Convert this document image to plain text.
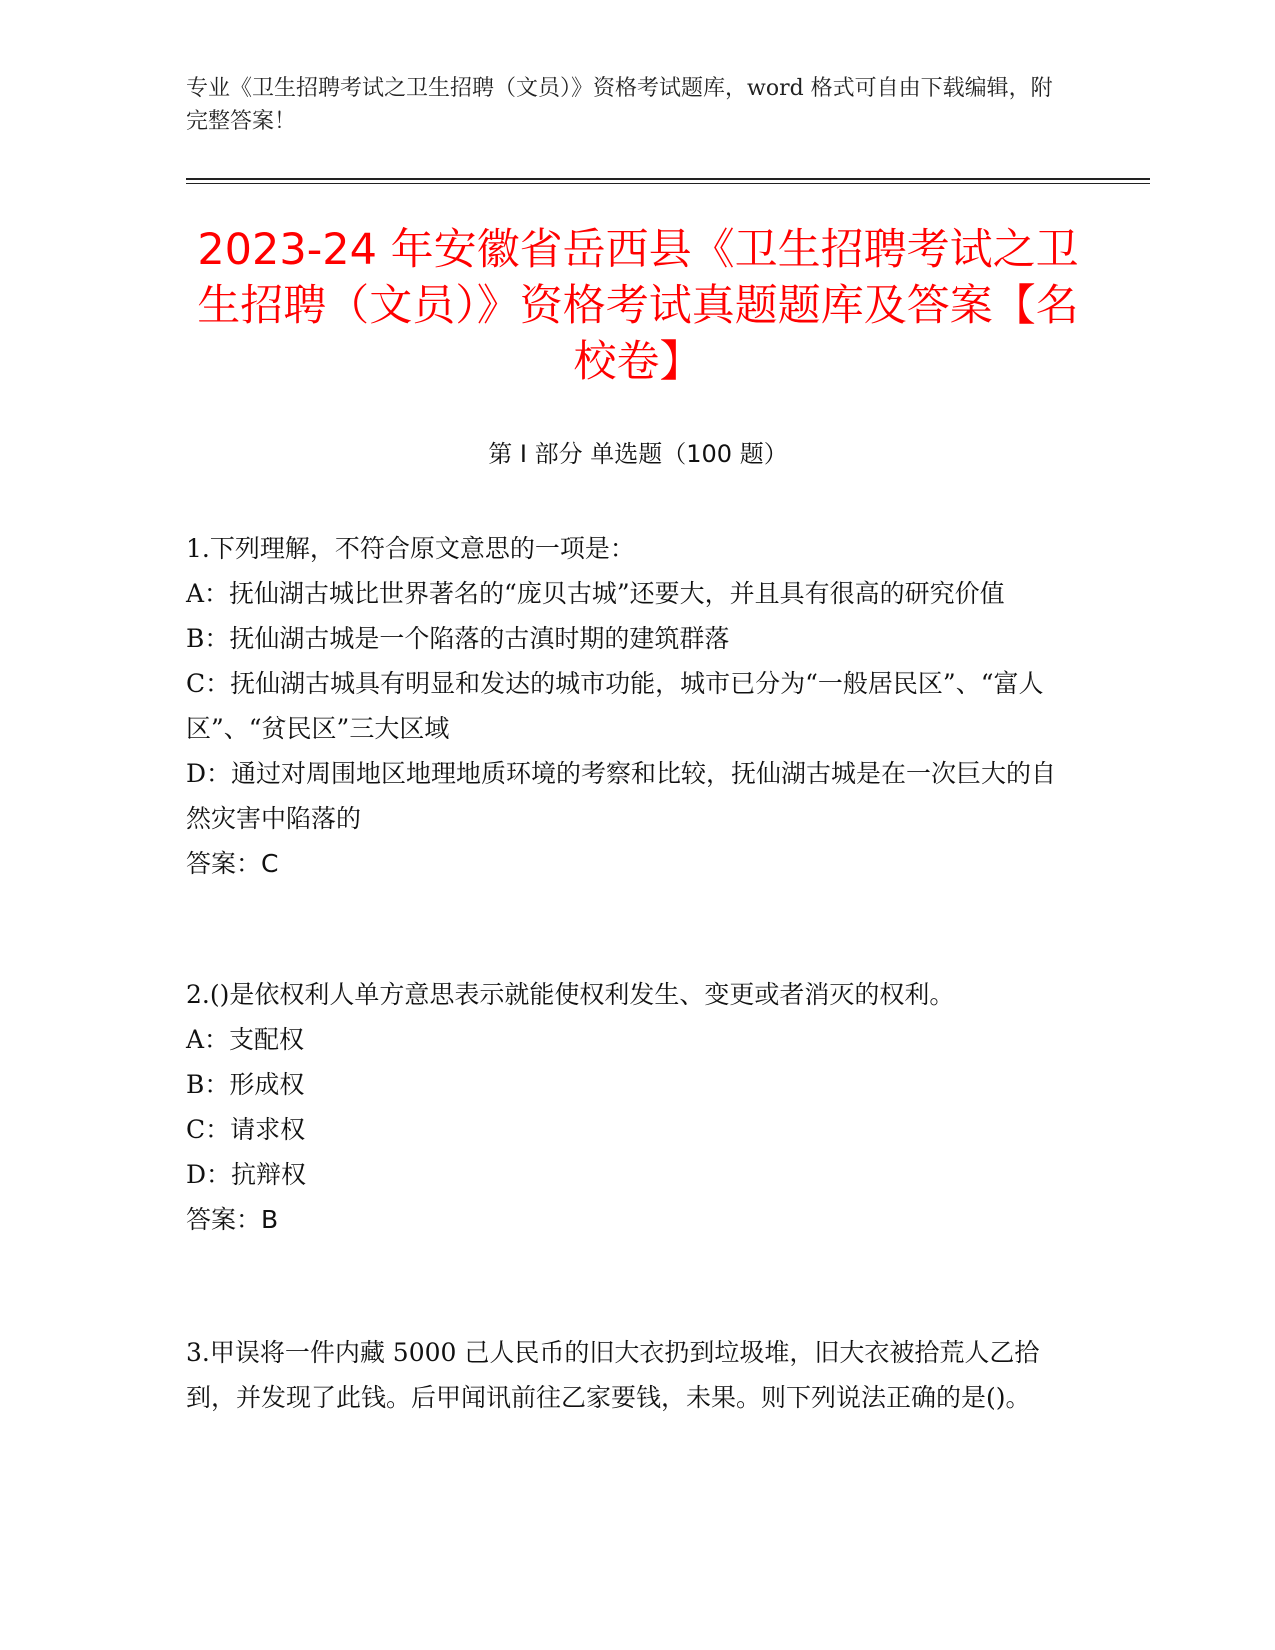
专业《卫生招聘考试之卫生招聘（文员）》资格考试题库，word 格式可自由下载编辑，附完整答案！
2023-24 年安徽省岳西县《卫生招聘考试之卫生招聘（文员）》资格考试真题题库及答案【名校卷】
第 I 部分 单选题（100 题）

1.下列理解，不符合原文意思的一项是：

A：抚仙湖古城比世界著名的“庞贝古城”还要大，并且具有很高的研究价值

B：抚仙湖古城是一个陷落的古滇时期的建筑群落

C：抚仙湖古城具有明显和发达的城市功能，城市已分为“一般居民区”、“富人区”、“贫民区”三大区域

D：通过对周围地区地理地质环境的考察和比较，抚仙湖古城是在一次巨大的自然灾害中陷落的

答案：C

2.()是依权利人单方意思表示就能使权利发生、变更或者消灭的权利。

A：支配权

B：形成权

C：请求权

D：抗辩权

答案：B

3.甲误将一件内藏 5000 己人民币的旧大衣扔到垃圾堆，旧大衣被拾荒人乙拾到，并发现了此钱。后甲闻讯前往乙家要钱，未果。则下列说法正确的是()。
